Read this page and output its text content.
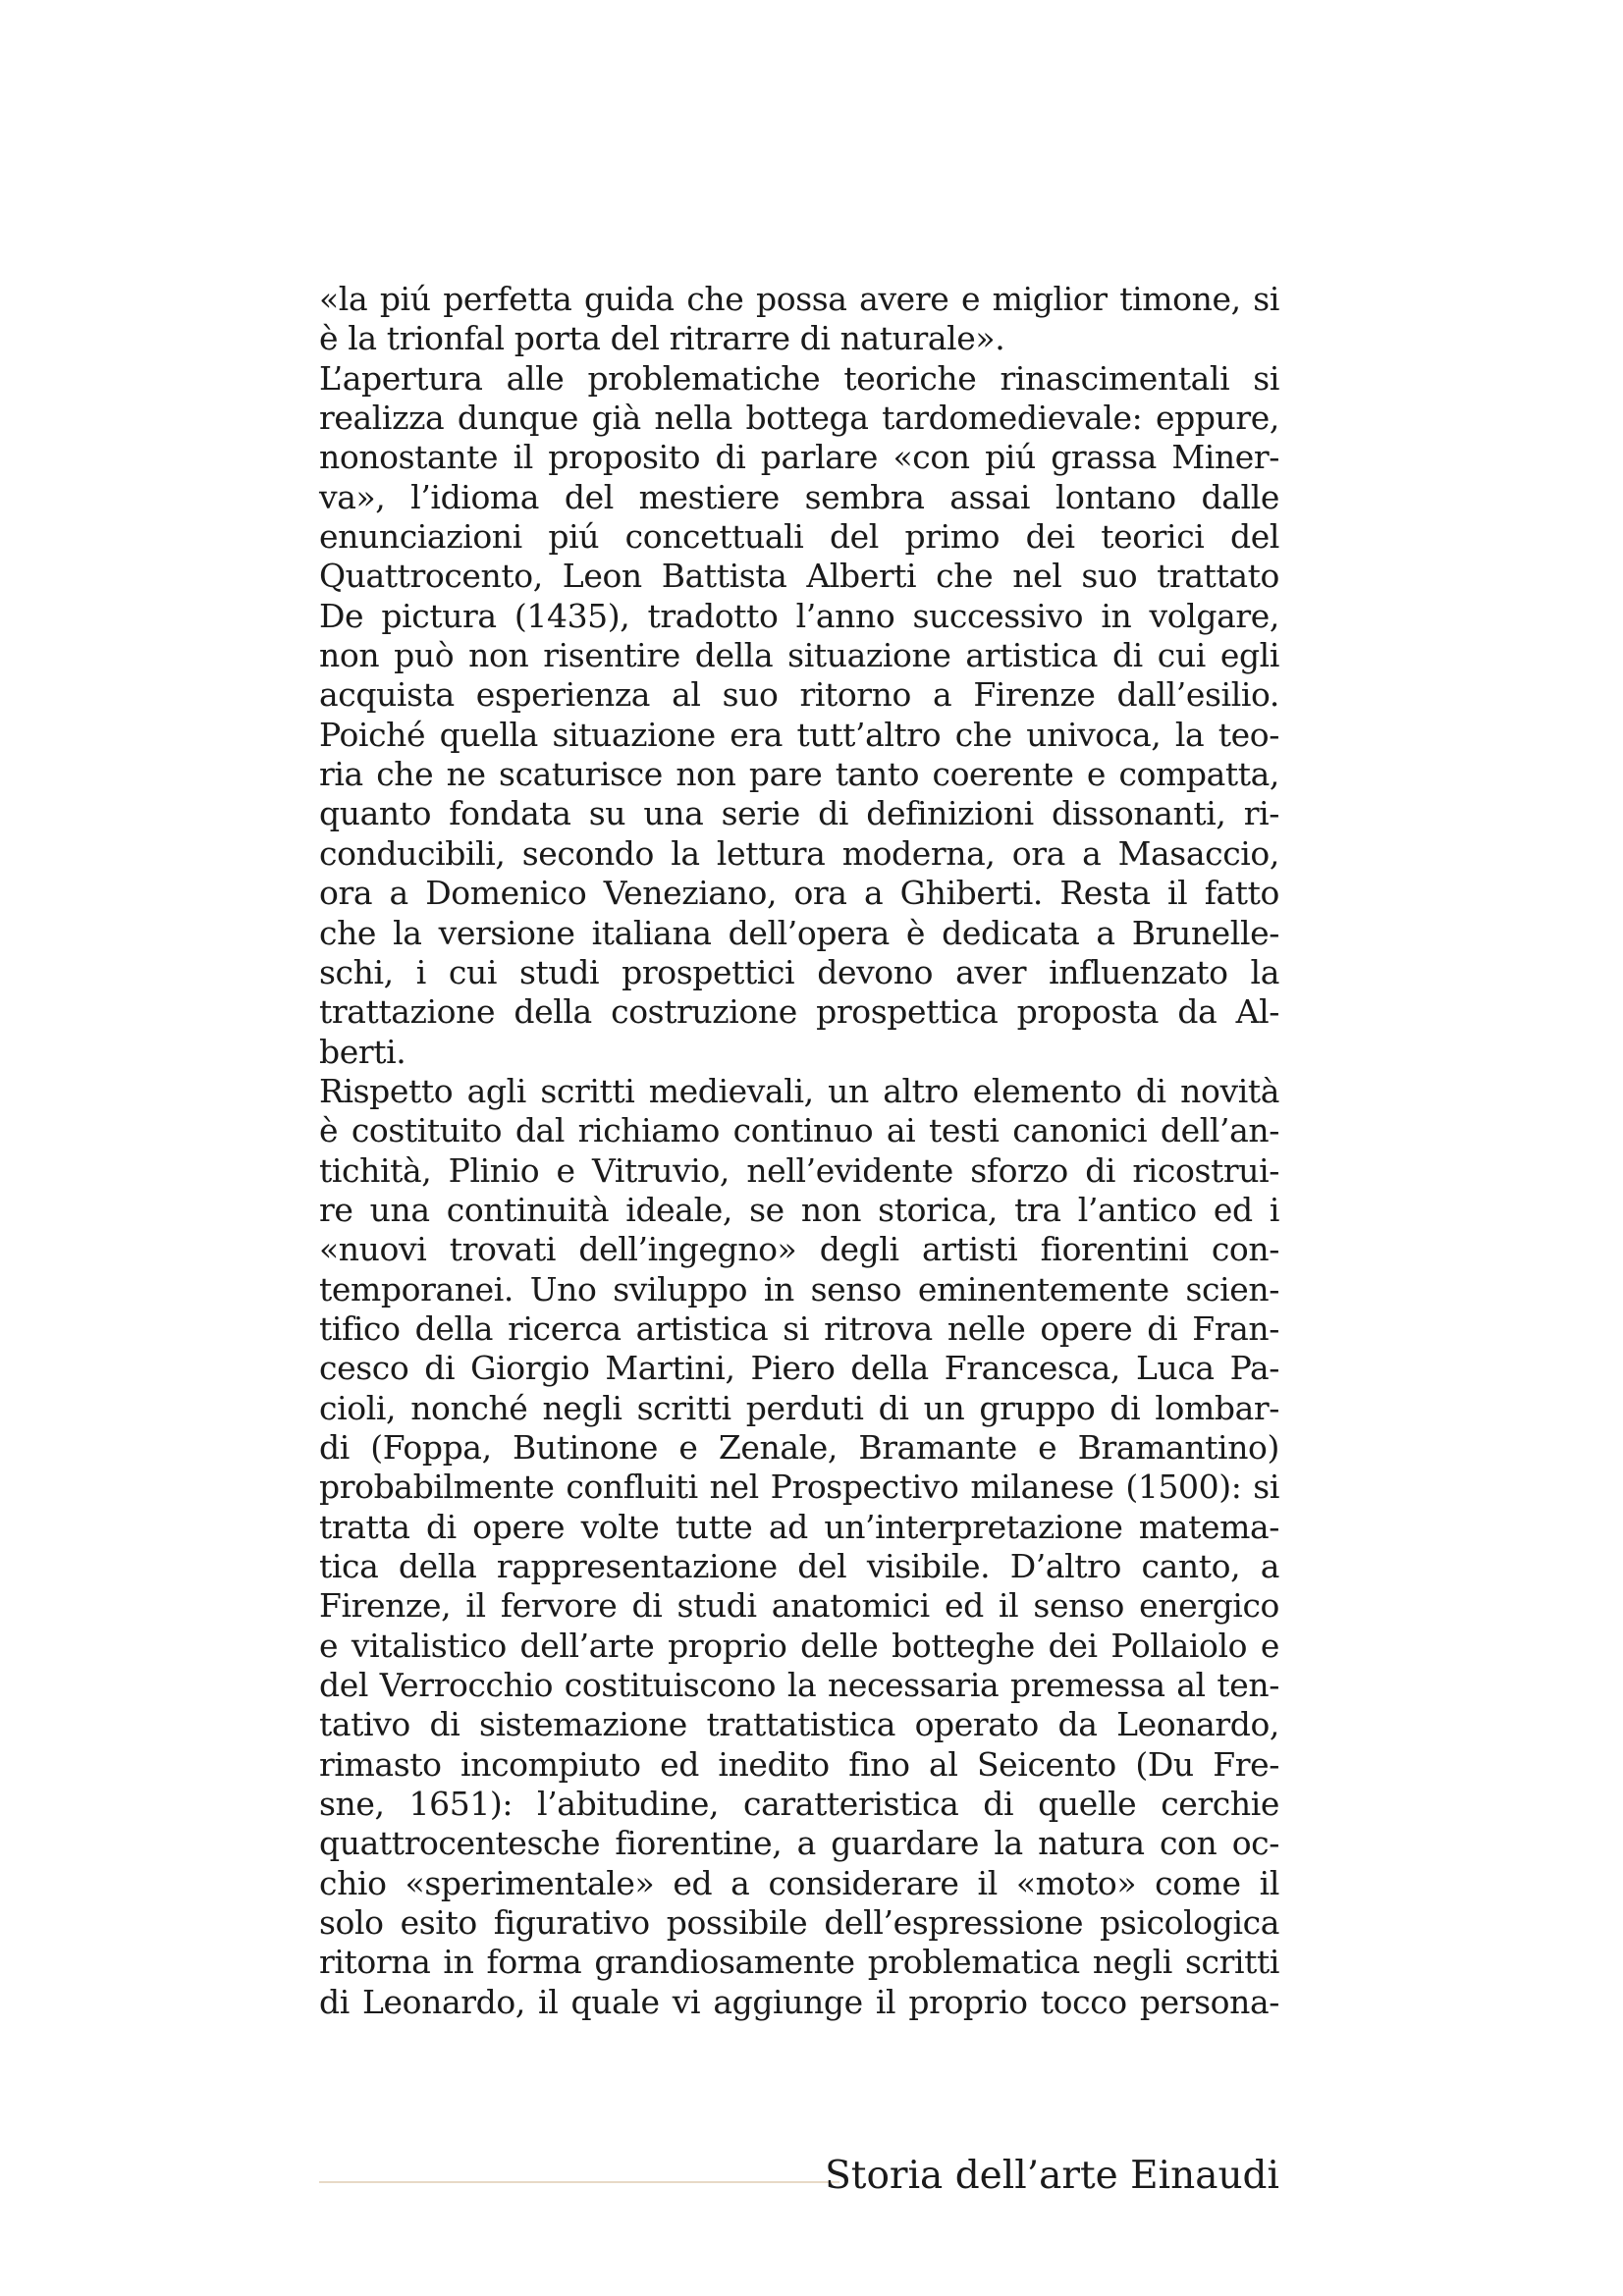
«la piú perfetta guida che possa avere e miglior timone, si
è la trionfal porta del ritrarre di naturale».
L’apertura alle problematiche teoriche rinascimentali si
realizza dunque già nella bottega tardomedievale: eppure,
nonostante il proposito di parlare «con piú grassa Miner-
va», l’idioma del mestiere sembra assai lontano dalle
enunciazioni piú concettuali del primo dei teorici del
Quattrocento, Leon Battista Alberti che nel suo trattato
De pictura (1435), tradotto l’anno successivo in volgare,
non può non risentire della situazione artistica di cui egli
acquista esperienza al suo ritorno a Firenze dall’esilio.
Poiché quella situazione era tutt’altro che univoca, la teo-
ria che ne scaturisce non pare tanto coerente e compatta,
quanto fondata su una serie di definizioni dissonanti, ri-
conducibili, secondo la lettura moderna, ora a Masaccio,
ora a Domenico Veneziano, ora a Ghiberti. Resta il fatto
che la versione italiana dell’opera è dedicata a Brunelle-
schi, i cui studi prospettici devono aver influenzato la
trattazione della costruzione prospettica proposta da Al-
berti.
Rispetto agli scritti medievali, un altro elemento di novità
è costituito dal richiamo continuo ai testi canonici dell’an-
tichità, Plinio e Vitruvio, nell’evidente sforzo di ricostrui-
re una continuità ideale, se non storica, tra l’antico ed i
«nuovi trovati dell’ingegno» degli artisti fiorentini con-
temporanei. Uno sviluppo in senso eminentemente scien-
tifico della ricerca artistica si ritrova nelle opere di Fran-
cesco di Giorgio Martini, Piero della Francesca, Luca Pa-
cioli, nonché negli scritti perduti di un gruppo di lombar-
di (Foppa, Butinone e Zenale, Bramante e Bramantino)
probabilmente confluiti nel Prospectivo milanese (1500): si
tratta di opere volte tutte ad un’interpretazione matema-
tica della rappresentazione del visibile. D’altro canto, a
Firenze, il fervore di studi anatomici ed il senso energico
e vitalistico dell’arte proprio delle botteghe dei Pollaiolo e
del Verrocchio costituiscono la necessaria premessa al ten-
tativo di sistemazione trattatistica operato da Leonardo,
rimasto incompiuto ed inedito fino al Seicento (Du Fre-
sne, 1651): l’abitudine, caratteristica di quelle cerchie
quattrocentesche fiorentine, a guardare la natura con oc-
chio «sperimentale» ed a considerare il «moto» come il
solo esito figurativo possibile dell’espressione psicologica
ritorna in forma grandiosamente problematica negli scritti
di Leonardo, il quale vi aggiunge il proprio tocco persona-
Storia dell’arte Einaudi
